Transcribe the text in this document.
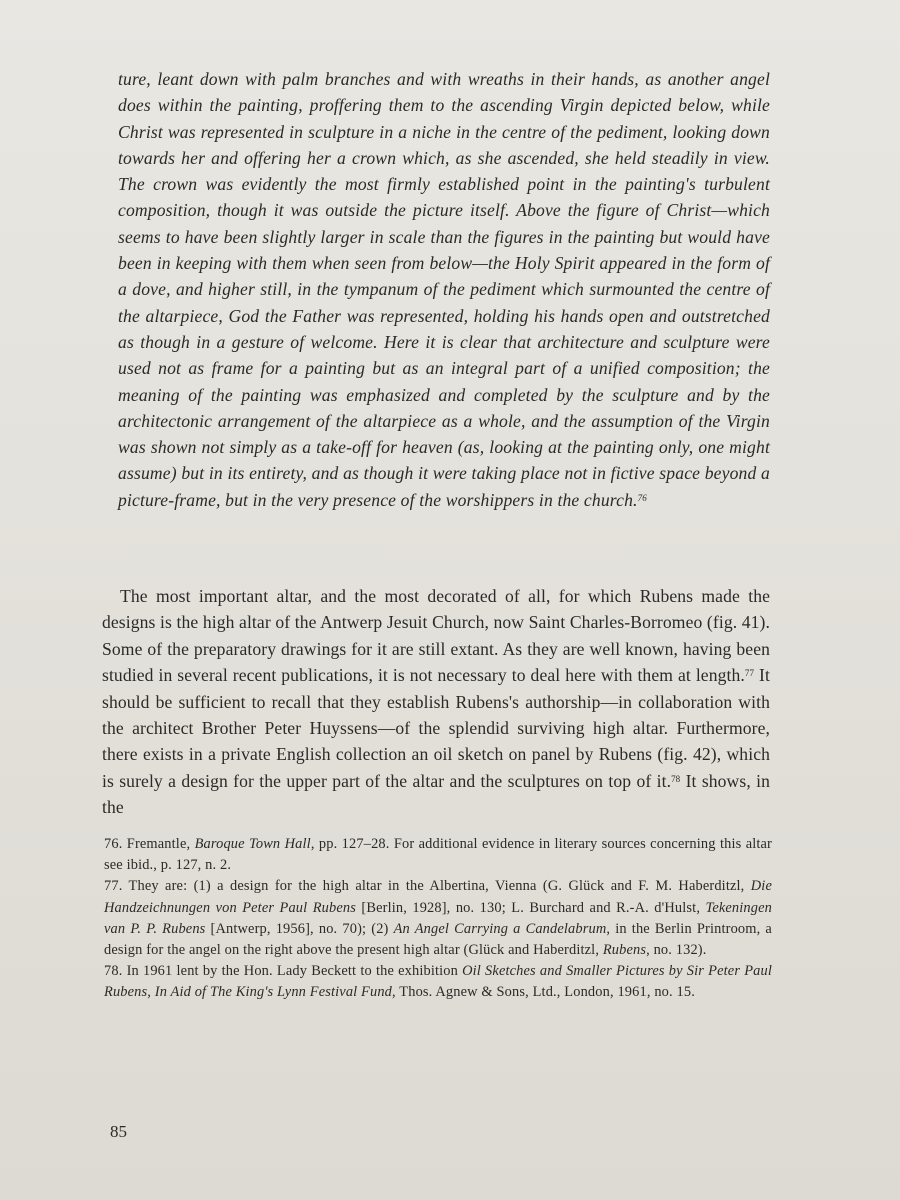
ture, leant down with palm branches and with wreaths in their hands, as another angel does within the painting, proffering them to the ascending Virgin depicted below, while Christ was represented in sculpture in a niche in the centre of the pediment, looking down towards her and offering her a crown which, as she ascended, she held steadily in view. The crown was evidently the most firmly established point in the painting's turbulent composition, though it was outside the picture itself. Above the figure of Christ—which seems to have been slightly larger in scale than the figures in the painting but would have been in keeping with them when seen from below—the Holy Spirit appeared in the form of a dove, and higher still, in the tympanum of the pediment which surmounted the centre of the altarpiece, God the Father was represented, holding his hands open and outstretched as though in a gesture of welcome. Here it is clear that architecture and sculpture were used not as frame for a painting but as an integral part of a unified composition; the meaning of the painting was emphasized and completed by the sculpture and by the architectonic arrangement of the altarpiece as a whole, and the assumption of the Virgin was shown not simply as a take-off for heaven (as, looking at the painting only, one might assume) but in its entirety, and as though it were taking place not in fictive space beyond a picture-frame, but in the very presence of the worshippers in the church.$^{76}$

The most important altar, and the most decorated of all, for which Rubens made the designs is the high altar of the Antwerp Jesuit Church, now Saint Charles-Borromeo (fig. 41). Some of the preparatory drawings for it are still extant. As they are well known, having been studied in several recent publications, it is not necessary to deal here with them at length.$^{77}$ It should be sufficient to recall that they establish Rubens's authorship—in collaboration with the architect Brother Peter Huyssens—of the splendid surviving high altar. Furthermore, there exists in a private English collection an oil sketch on panel by Rubens (fig. 42), which is surely a design for the upper part of the altar and the sculptures on top of it.$^{78}$ It shows, in the

76. Fremantle, Baroque Town Hall, pp. 127–28. For additional evidence in literary sources concerning this altar see ibid., p. 127, n. 2.

77. They are: (1) a design for the high altar in the Albertina, Vienna (G. Glück and F. M. Haberditzl, Die Handzeichnungen von Peter Paul Rubens [Berlin, 1928], no. 130; L. Burchard and R.-A. d'Hulst, Tekeningen van P. P. Rubens [Antwerp, 1956], no. 70); (2) An Angel Carrying a Candelabrum, in the Berlin Printroom, a design for the angel on the right above the present high altar (Glück and Haberditzl, Rubens, no. 132).

78. In 1961 lent by the Hon. Lady Beckett to the exhibition Oil Sketches and Smaller Pictures by Sir Peter Paul Rubens, In Aid of The King's Lynn Festival Fund, Thos. Agnew & Sons, Ltd., London, 1961, no. 15.

85
